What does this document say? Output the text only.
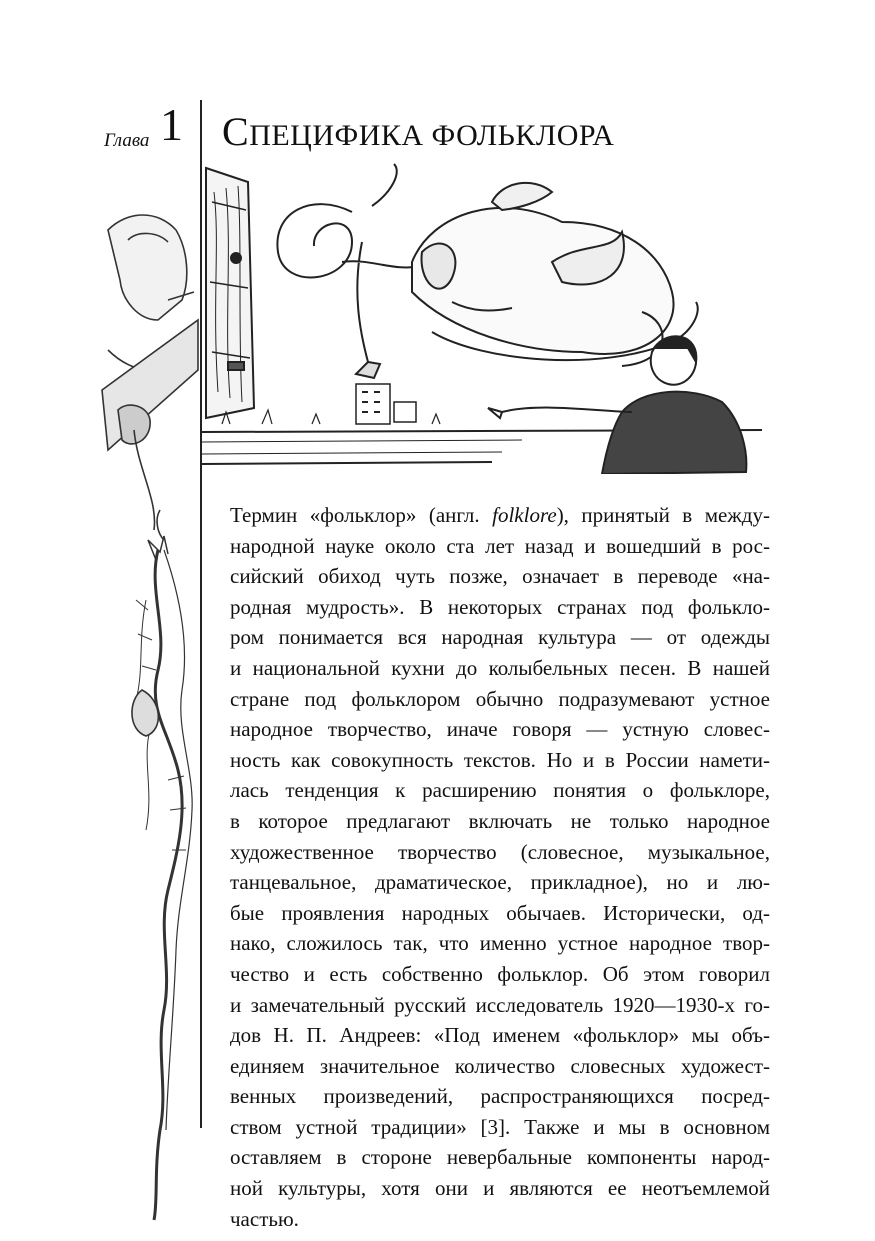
Глава 1 СПЕЦИФИКА ФОЛЬКЛОРА

Термин «фольклор» (англ. folklore), принятый в между-
народной науке около ста лет назад и вошедший в рос-
сийский обиход чуть позже, означает в переводе «на-
родная мудрость». В некоторых странах под фолькло-
ром понимается вся народная культура — от одежды
и национальной кухни до колыбельных песен. В нашей
стране под фольклором обычно подразумевают устное
народное творчество, иначе говоря — устную словес-
ность как совокупность текстов. Но и в России намети-
лась тенденция к расширению понятия о фольклоре,
в которое предлагают включать не только народное
художественное творчество (словесное, музыкальное,
танцевальное, драматическое, прикладное), но и лю-
бые проявления народных обычаев. Исторически, од-
нако, сложилось так, что именно устное народное твор-
чество и есть собственно фольклор. Об этом говорил
и замечательный русский исследователь 1920—1930-х го-
дов Н. П. Андреев: «Под именем «фольклор» мы объ-
единяем значительное количество словесных художест-
венных произведений, распространяющихся посред-
ством устной традиции» [3]. Также и мы в основном
оставляем в стороне невербальные компоненты народ-
ной культуры, хотя они и являются ее неотъемлемой
частью.
